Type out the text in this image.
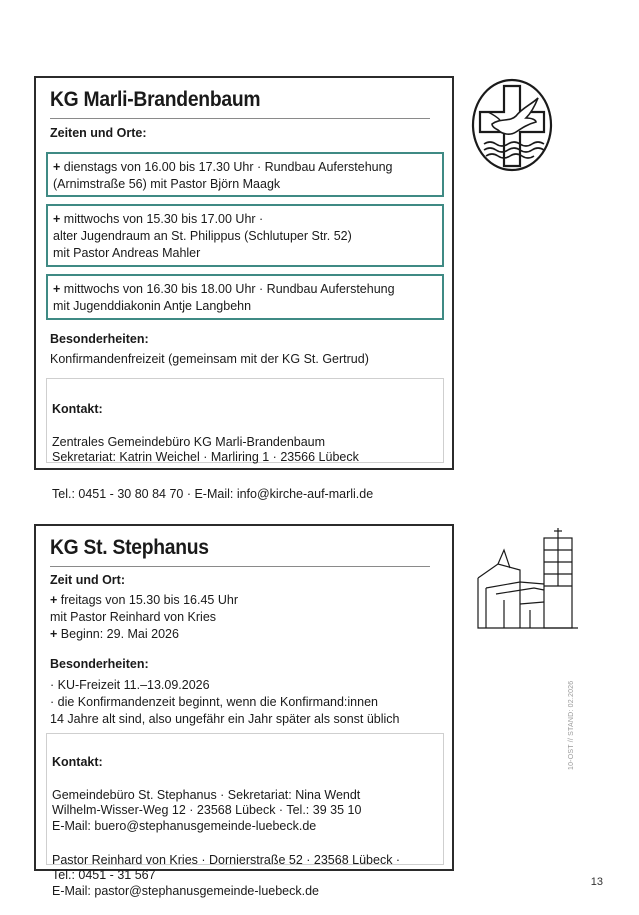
KG Marli-Brandenbaum
Zeiten und Orte:
+ dienstags von 16.00 bis 17.30 Uhr · Rundbau Auferstehung
(Arnimstraße 56) mit Pastor Björn Maagk
+ mittwochs von 15.30 bis 17.00 Uhr ·
alter Jugendraum an St. Philippus (Schlutuper Str. 52)
mit Pastor Andreas Mahler
+ mittwochs von 16.30 bis 18.00 Uhr · Rundbau Auferstehung
mit Jugenddiakonin Antje Langbehn
Besonderheiten:
Konfirmandenfreizeit (gemeinsam mit der KG St. Gertrud)

Kontakt:

Zentrales Gemeindebüro KG Marli-Brandenbaum
Sekretariat: Katrin Weichel · Marliring 1 · 23566 Lübeck

Tel.: 0451 - 30 80 84 70 · E-Mail: info@kirche-auf-marli.de

KG St. Stephanus
Zeit und Ort:
+ freitags von 15.30 bis 16.45 Uhr
mit Pastor Reinhard von Kries
+ Beginn: 29. Mai 2026
Besonderheiten:
· KU-Freizeit 11.–13.09.2026
· die Konfirmandenzeit beginnt, wenn die Konfirmand:innen
14 Jahre alt sind, also ungefähr ein Jahr später als sonst üblich

Kontakt:

Gemeindebüro St. Stephanus · Sekretariat: Nina Wendt
Wilhelm-Wisser-Weg 12 · 23568 Lübeck · Tel.: 39 35 10
E-Mail: buero@stephanusgemeinde-luebeck.de

Pastor Reinhard von Kries · Dornierstraße 52 · 23568 Lübeck ·
Tel.: 0451 - 31 567
E-Mail: pastor@stephanusgemeinde-luebeck.de

10-OST // STAND: 02.2026
13
